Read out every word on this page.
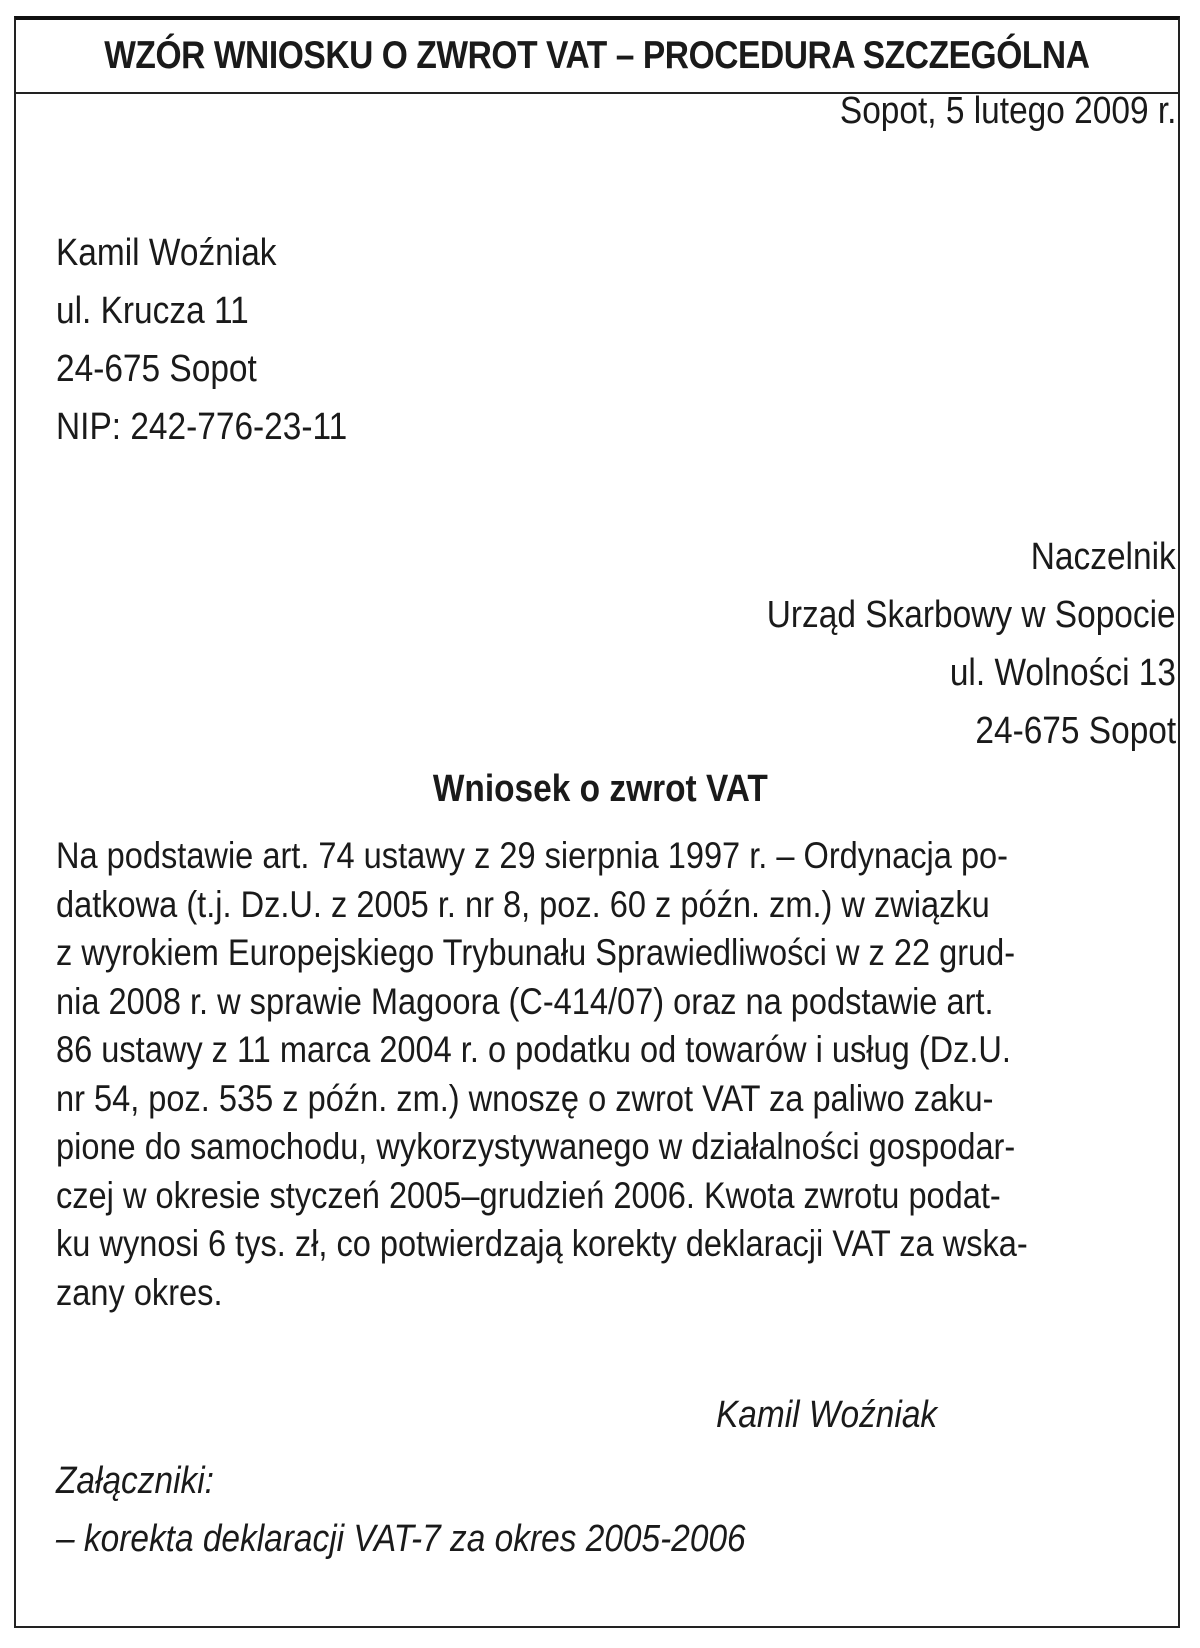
WZÓR WNIOSKU O ZWROT VAT – PROCEDURA SZCZEGÓLNA
Sopot, 5 lutego 2009 r.
Kamil Woźniak
ul. Krucza 11
24-675 Sopot
NIP: 242-776-23-11
Naczelnik
Urząd Skarbowy w Sopocie
ul. Wolności 13
24-675 Sopot
Wniosek o zwrot VAT
Na podstawie art. 74 ustawy z 29 sierpnia 1997 r. – Ordynacja po-
datkowa (t.j. Dz.U. z 2005 r. nr 8, poz. 60 z późn. zm.) w związku
z wyrokiem Europejskiego Trybunału Sprawiedliwości w z 22 grud-
nia 2008 r. w sprawie Magoora (C-414/07) oraz na podstawie art.
86 ustawy z 11 marca 2004 r. o podatku od towarów i usług (Dz.U.
nr 54, poz. 535 z późn. zm.) wnoszę o zwrot VAT za paliwo zaku-
pione do samochodu, wykorzystywanego w działalności gospodar-
czej w okresie styczeń 2005–grudzień 2006. Kwota zwrotu podat-
ku wynosi 6 tys. zł, co potwierdzają korekty deklaracji VAT za wska-
zany okres.
Kamil Woźniak
Załączniki:
– korekta deklaracji VAT-7 za okres 2005-2006
